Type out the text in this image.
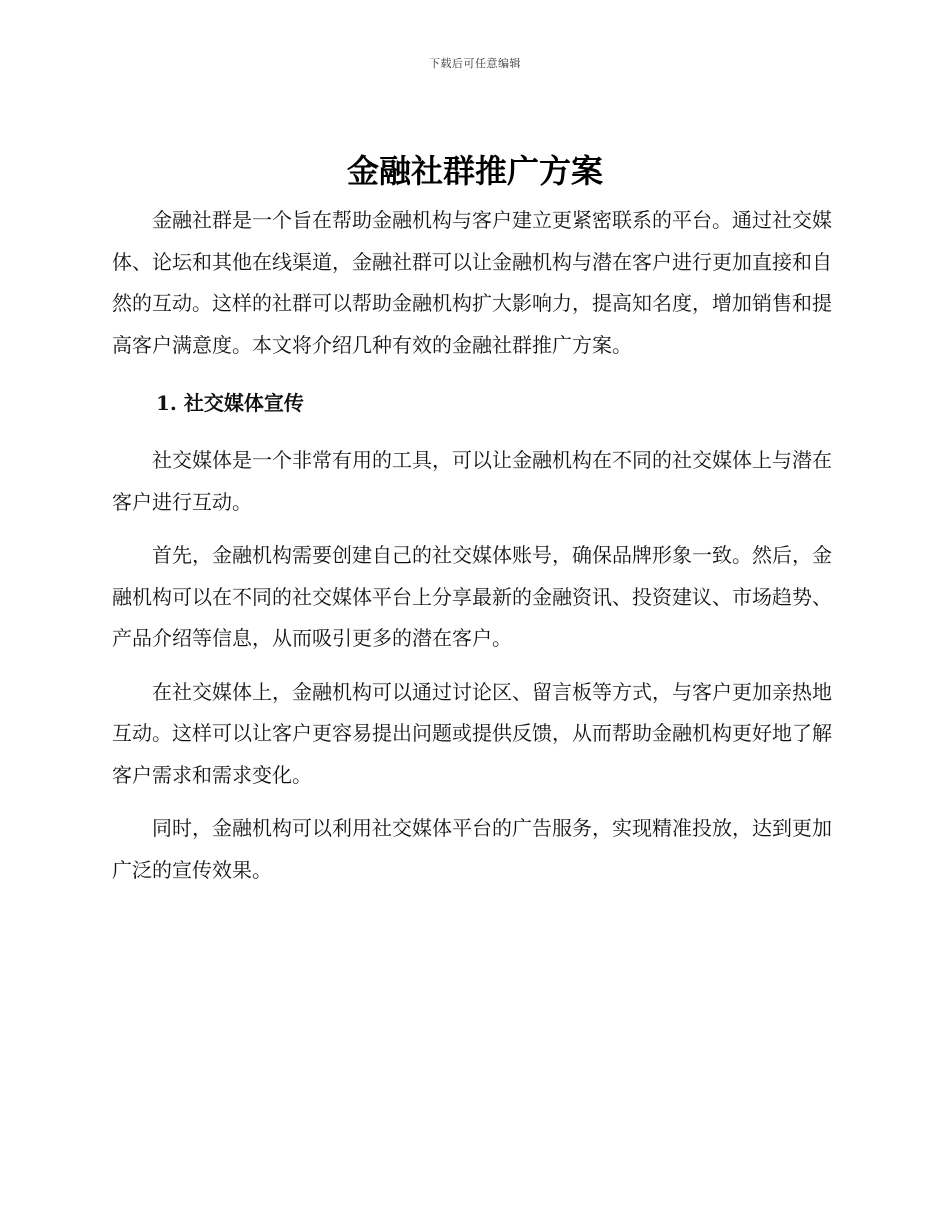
下载后可任意编辑
金融社群推广方案

金融社群是一个旨在帮助金融机构与客户建立更紧密联系的平台。通过社交媒体、论坛和其他在线渠道，金融社群可以让金融机构与潜在客户进行更加直接和自然的互动。这样的社群可以帮助金融机构扩大影响力，提高知名度，增加销售和提高客户满意度。本文将介绍几种有效的金融社群推广方案。

1. 社交媒体宣传

社交媒体是一个非常有用的工具，可以让金融机构在不同的社交媒体上与潜在客户进行互动。

首先，金融机构需要创建自己的社交媒体账号，确保品牌形象一致。然后，金融机构可以在不同的社交媒体平台上分享最新的金融资讯、投资建议、市场趋势、产品介绍等信息，从而吸引更多的潜在客户。

在社交媒体上，金融机构可以通过讨论区、留言板等方式，与客户更加亲热地互动。这样可以让客户更容易提出问题或提供反馈，从而帮助金融机构更好地了解客户需求和需求变化。

同时，金融机构可以利用社交媒体平台的广告服务，实现精准投放，达到更加广泛的宣传效果。
